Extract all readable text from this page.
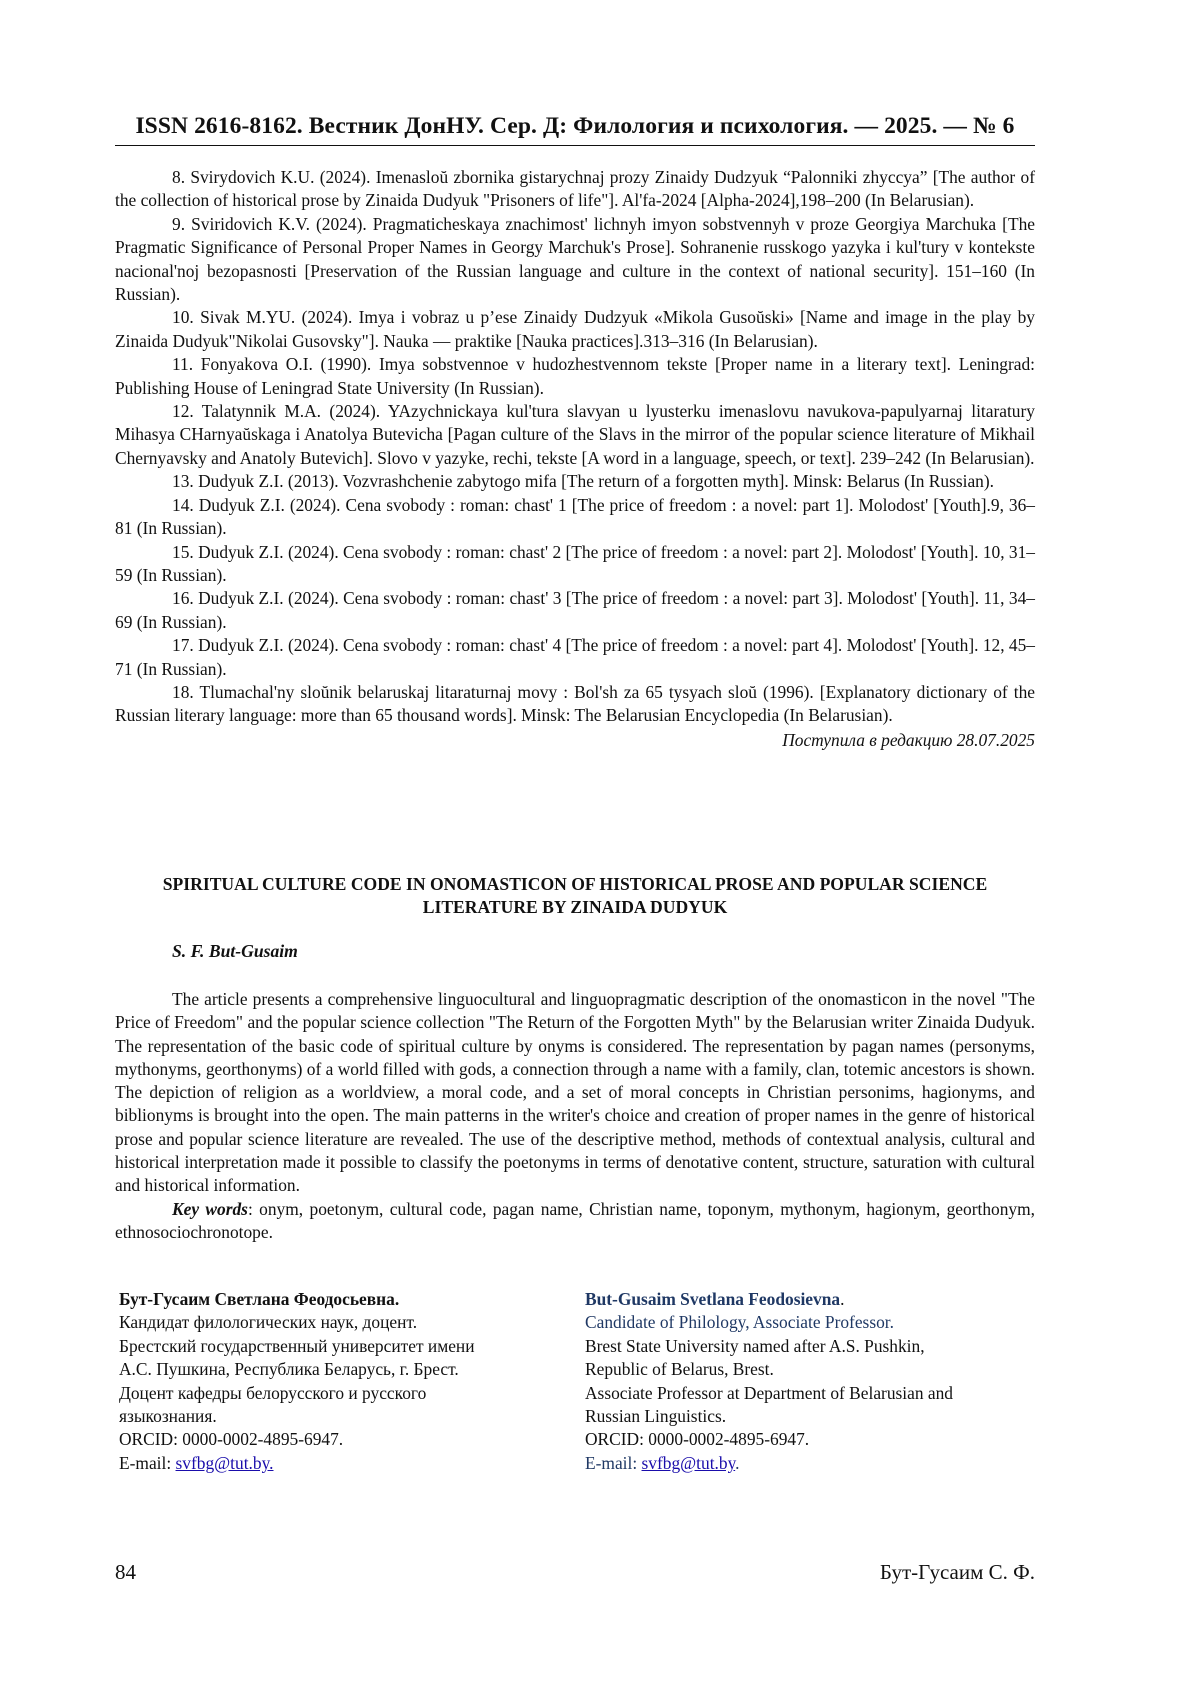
ISSN 2616-8162. Вестник ДонНУ. Сер. Д: Филология и психология. — 2025. — № 6

8. Svirydovich K.U. (2024). Imenasloŭ zbornika gistarychnaj prozy Zinaidy Dudzyuk “Palonniki zhyccya” [The author of the collection of historical prose by Zinaida Dudyuk "Prisoners of life"]. Al'fa-2024 [Alpha-2024],198–200 (In Belarusian).

9. Sviridovich K.V. (2024). Pragmaticheskaya znachimost' lichnyh imyon sobstvennyh v proze Georgiya Marchuka [The Pragmatic Significance of Personal Proper Names in Georgy Marchuk's Prose]. Sohranenie russkogo yazyka i kul'tury v kontekste nacional'noj bezopasnosti [Preservation of the Russian language and culture in the context of national security]. 151–160 (In Russian).

10. Sivak M.YU. (2024). Imya i vobraz u p’ese Zinaidy Dudzyuk «Mikola Gusoŭski» [Name and image in the play by Zinaida Dudyuk"Nikolai Gusovsky"]. Nauka — praktike [Nauka practices].313–316 (In Belarusian).

11. Fonyakova O.I. (1990). Imya sobstvennoe v hudozhestvennom tekste [Proper name in a literary text]. Leningrad: Publishing House of Leningrad State University (In Russian).

12. Talatynnik M.A. (2024). YAzychnickaya kul'tura slavyan u lyusterku imenaslovu navukova-papulyarnaj litaratury Mihasya CHarnyaŭskaga i Anatolya Butevicha [Pagan culture of the Slavs in the mirror of the popular science literature of Mikhail Chernyavsky and Anatoly Butevich]. Slovo v yazyke, rechi, tekste [A word in a language, speech, or text]. 239–242 (In Belarusian).

13. Dudyuk Z.I. (2013). Vozvrashchenie zabytogo mifa [The return of a forgotten myth]. Minsk: Belarus (In Russian).

14. Dudyuk Z.I. (2024). Cena svobody : roman: chast' 1 [The price of freedom : a novel: part 1]. Molodost' [Youth].9, 36–81 (In Russian).

15. Dudyuk Z.I. (2024). Cena svobody : roman: chast' 2 [The price of freedom : a novel: part 2]. Molodost' [Youth]. 10, 31–59 (In Russian).

16. Dudyuk Z.I. (2024). Cena svobody : roman: chast' 3 [The price of freedom : a novel: part 3]. Molodost' [Youth]. 11, 34–69 (In Russian).

17. Dudyuk Z.I. (2024). Cena svobody : roman: chast' 4 [The price of freedom : a novel: part 4]. Molodost' [Youth]. 12, 45–71 (In Russian).

18. Tlumachal'ny sloŭnik belaruskaj litaraturnaj movy : Bol'sh za 65 tysyach sloŭ (1996). [Explanatory dictionary of the Russian literary language: more than 65 thousand words]. Minsk: The Belarusian Encyclopedia (In Belarusian).

Поступила в редакцию 28.07.2025
SPIRITUAL CULTURE CODE IN ONOMASTICON OF HISTORICAL PROSE AND POPULAR SCIENCE LITERATURE BY ZINAIDA DUDYUK
S. F. But-Gusaim

The article presents a comprehensive linguocultural and linguopragmatic description of the onomasticon in the novel "The Price of Freedom" and the popular science collection "The Return of the Forgotten Myth" by the Belarusian writer Zinaida Dudyuk. The representation of the basic code of spiritual culture by onyms is considered. The representation by pagan names (personyms, mythonyms, georthonyms) of a world filled with gods, a connection through a name with a family, clan, totemic ancestors is shown. The depiction of religion as a worldview, a moral code, and a set of moral concepts in Christian personims, hagionyms, and biblionyms is brought into the open. The main patterns in the writer's choice and creation of proper names in the genre of historical prose and popular science literature are revealed. The use of the descriptive method, methods of contextual analysis, cultural and historical interpretation made it possible to classify the poetonyms in terms of denotative content, structure, saturation with cultural and historical information.

Key words: onym, poetonym, cultural code, pagan name, Christian name, toponym, mythonym, hagionym, georthonym, ethnosociochronotope.

Бут-Гусаим Светлана Феодосьевна.
Кандидат филологических наук, доцент.
Брестский государственный университет имени
А.С. Пушкина, Республика Беларусь, г. Брест.
Доцент кафедры белорусского и русского
языкознания.
ORCID: 0000-0002-4895-6947.
E-mail: svfbg@tut.by.
But-Gusaim Svetlana Feodosievna.
Candidate of Philology, Associate Professor.
Brest State University named after A.S. Pushkin,
Republic of Belarus, Brest.
Associate Professor at Department of Belarusian and
Russian Linguistics.
ORCID: 0000-0002-4895-6947.
E-mail: svfbg@tut.by.
84	Бут-Гусаим С. Ф.
